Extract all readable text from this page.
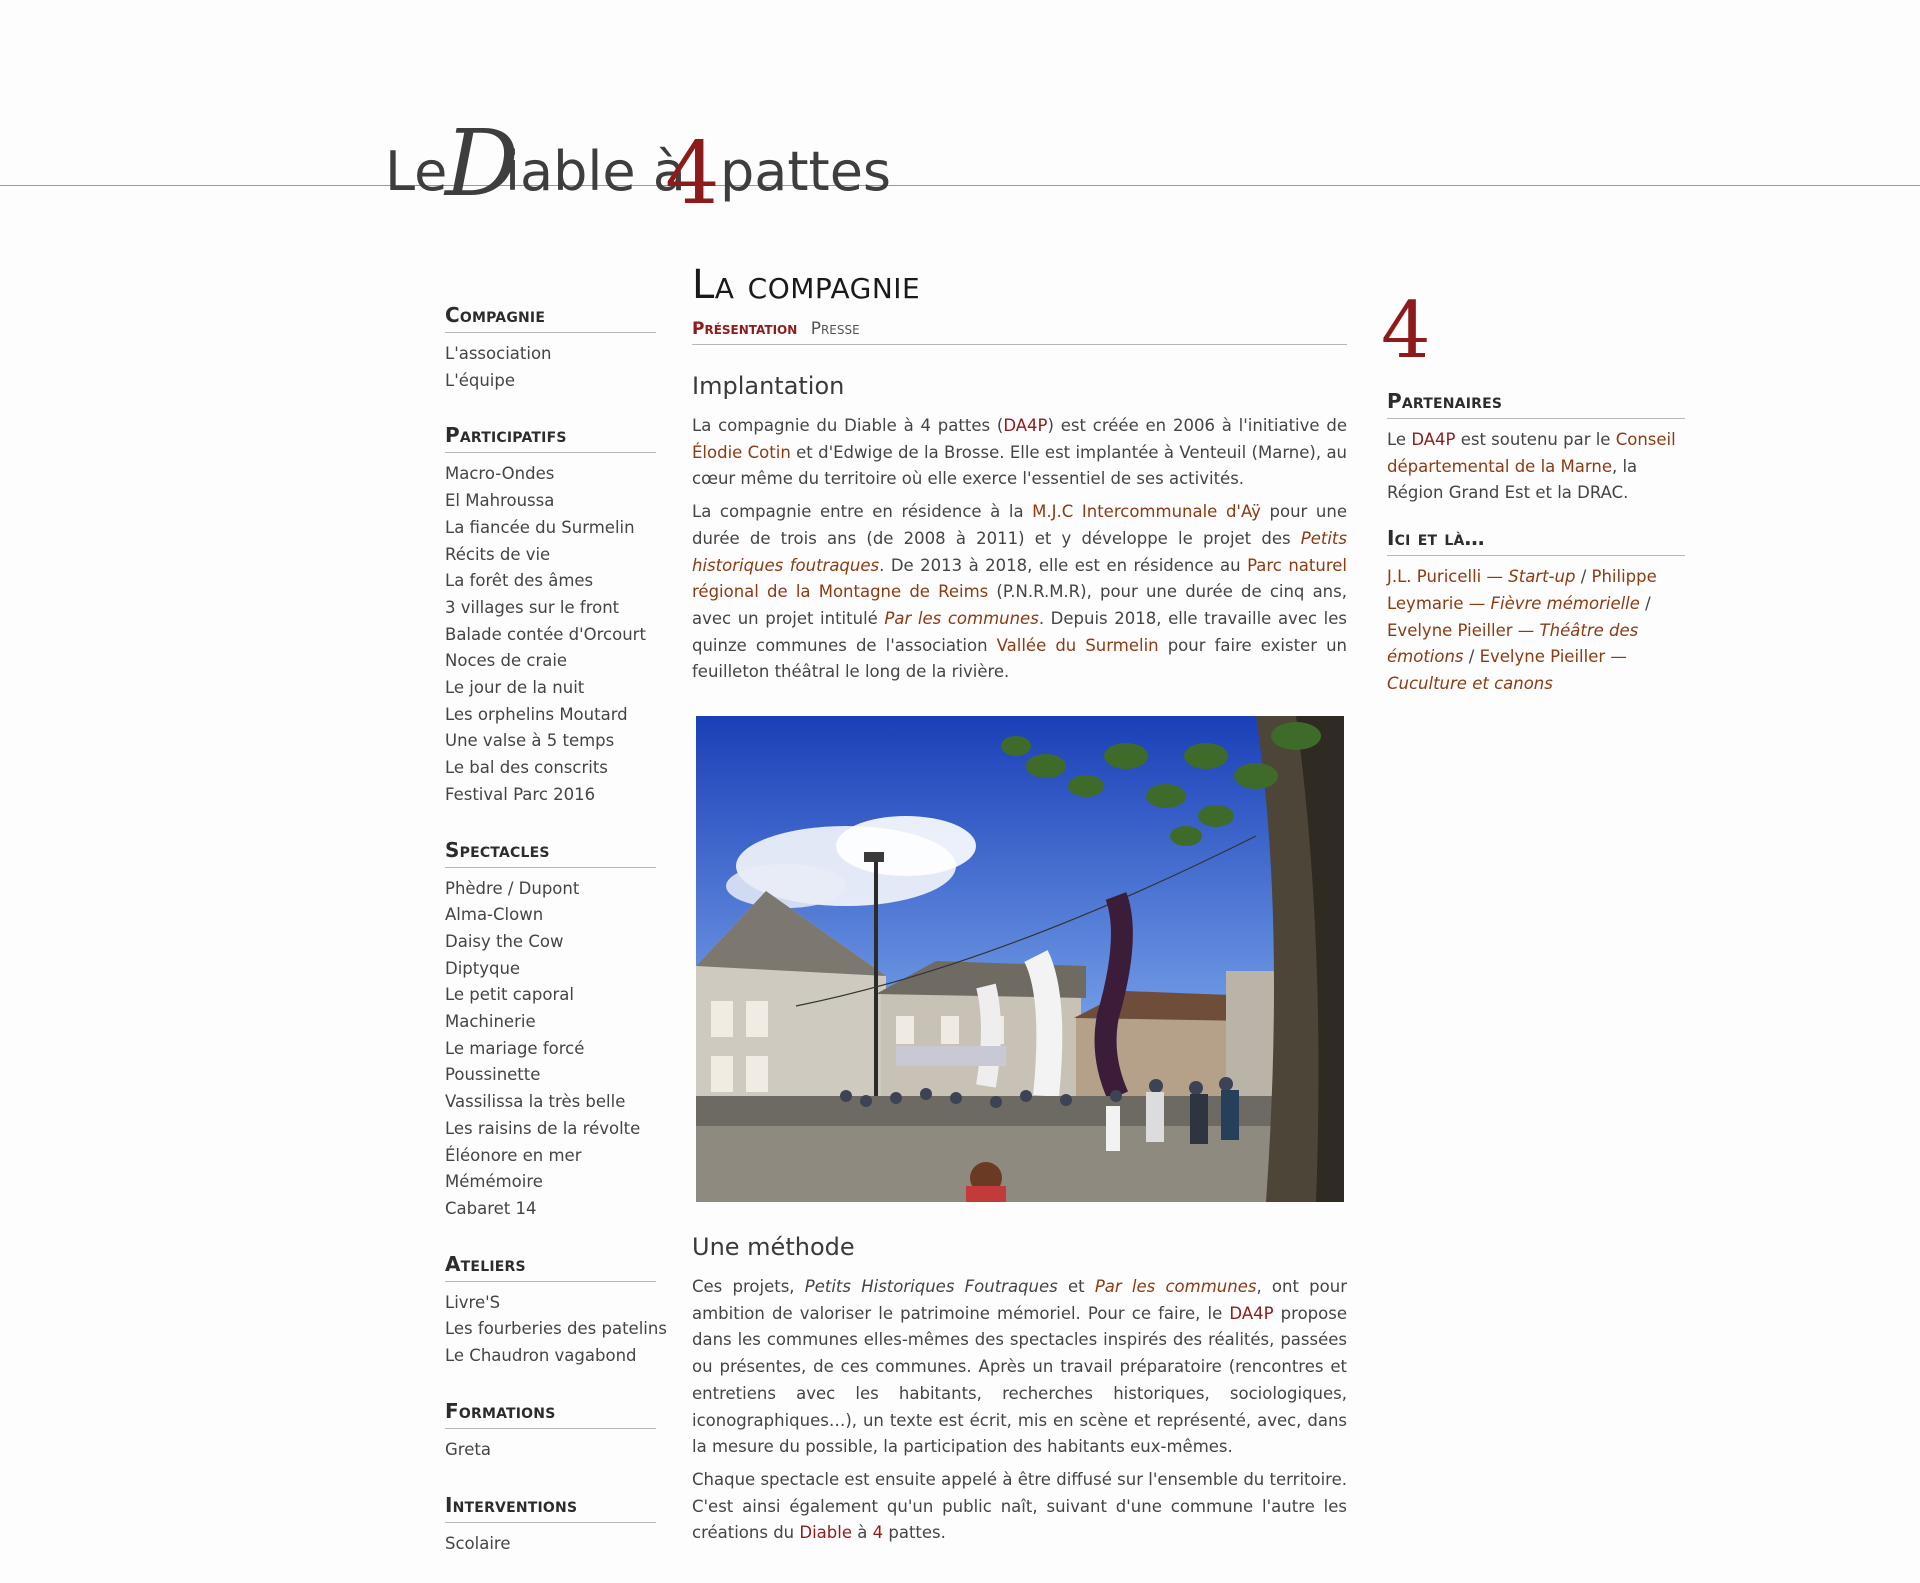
Le
D
iable à
4 pattes
Compagnie
L'association
L'équipe
Participatifs
Macro-Ondes
El Mahroussa
La fiancée du Surmelin
Récits de vie
La forêt des âmes
3 villages sur le front
Balade contée d'Orcourt
Noces de craie
Le jour de la nuit
Les orphelins Moutard
Une valse à 5 temps
Le bal des conscrits
Festival Parc 2016
Spectacles
Phèdre / Dupont
Alma-Clown
Daisy the Cow
Diptyque
Le petit caporal
Machinerie
Le mariage forcé
Poussinette
Vassilissa la très belle
Les raisins de la révolte
Éléonore en mer
Mémémoire
Cabaret 14
Ateliers
Livre'S
Les fourberies des patelins
Le Chaudron vagabond
Formations
Greta
Interventions
Scolaire
La compagnie
Présentation Presse
Implantation

La compagnie du Diable à 4 pattes (DA4P) est créée en 2006 à l'initiative de Élodie Cotin et d'Edwige de la Brosse. Elle est implantée à Venteuil (Marne), au cœur même du territoire où elle exerce l'essentiel de ses activités.

La compagnie entre en résidence à la M.J.C Intercommunale d'Aÿ pour une durée de trois ans (de 2008 à 2011) et y développe le projet des Petits historiques foutraques. De 2013 à 2018, elle est en résidence au Parc naturel régional de la Montagne de Reims (P.N.R.M.R), pour une durée de cinq ans, avec un projet intitulé Par les communes. Depuis 2018, elle travaille avec les quinze communes de l'association Vallée du Surmelin pour faire exister un feuilleton théâtral le long de la rivière.

Une méthode

Ces projets, Petits Historiques Foutraques et Par les communes, ont pour ambition de valoriser le patrimoine mémoriel. Pour ce faire, le DA4P propose dans les communes elles-mêmes des spectacles inspirés des réalités, passées ou présentes, de ces communes. Après un travail préparatoire (rencontres et entretiens avec les habitants, recherches historiques, sociologiques, iconographiques…), un texte est écrit, mis en scène et représenté, avec, dans la mesure du possible, la participation des habitants eux-mêmes.

Chaque spectacle est ensuite appelé à être diffusé sur l'ensemble du territoire. C'est ainsi également qu'un public naît, suivant d'une commune l'autre les créations du Diable à 4 pattes.

4
Partenaires

Le DA4P est soutenu par le Conseil départemental de la Marne, la Région Grand Est et la DRAC.

Ici et là…

J.L. Puricelli — Start-up / Philippe Leymarie — Fièvre mémorielle / Evelyne Pieiller — Théâtre des émotions / Evelyne Pieiller — Cuculture et canons
